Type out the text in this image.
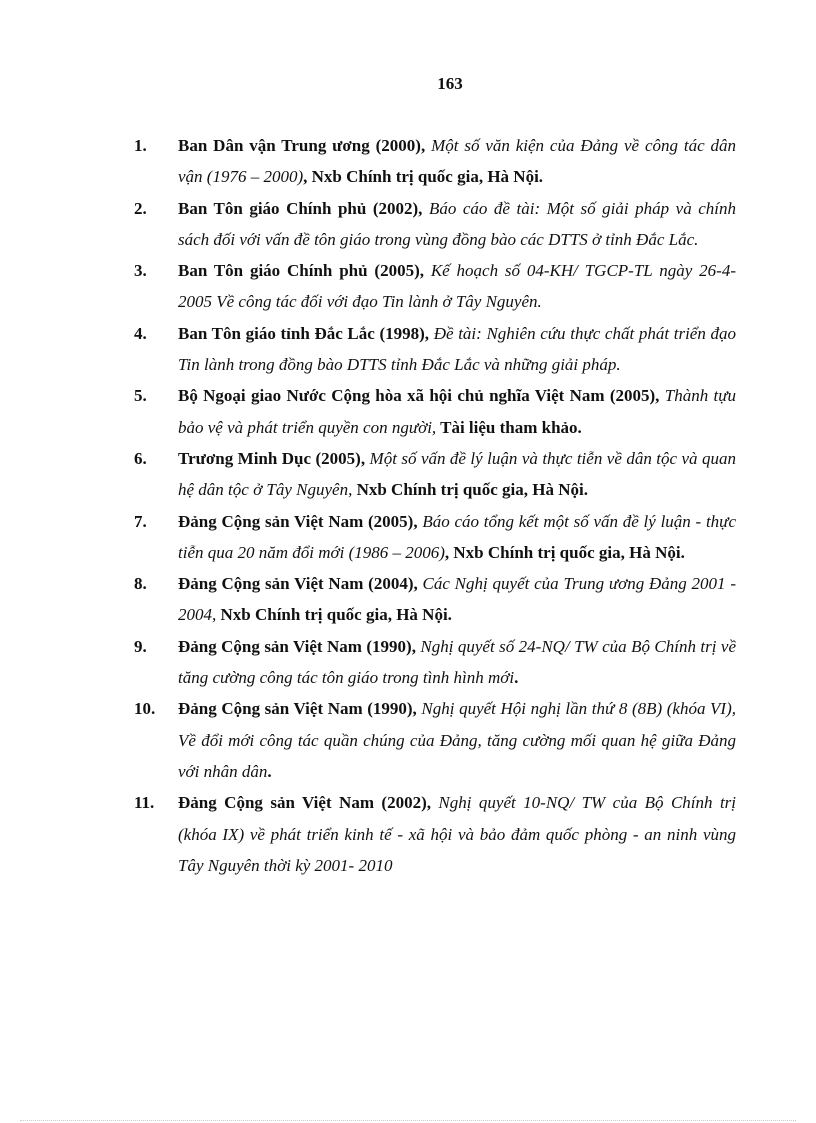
163
1. Ban Dân vận Trung ương (2000), Một số văn kiện của Đảng về công tác dân vận (1976 – 2000), Nxb Chính trị quốc gia, Hà Nội.
2. Ban Tôn giáo Chính phủ (2002), Báo cáo đề tài: Một số giải pháp và chính sách đối với vấn đề tôn giáo trong vùng đồng bào các DTTS ở tỉnh Đắc Lắc.
3. Ban Tôn giáo Chính phủ (2005), Kế hoạch số 04-KH/ TGCP-TL ngày 26-4-2005 Về công tác đối với đạo Tin lành ở Tây Nguyên.
4. Ban Tôn giáo tỉnh Đắc Lắc (1998), Đề tài: Nghiên cứu thực chất phát triển đạo Tin lành trong đồng bào DTTS tỉnh Đắc Lắc và những giải pháp.
5. Bộ Ngoại giao Nước Cộng hòa xã hội chủ nghĩa Việt Nam (2005), Thành tựu bảo vệ và phát triển quyền con người, Tài liệu tham khảo.
6. Trương Minh Dục (2005), Một số vấn đề lý luận và thực tiễn về dân tộc và quan hệ dân tộc ở Tây Nguyên, Nxb Chính trị quốc gia, Hà Nội.
7. Đảng Cộng sản Việt Nam (2005), Báo cáo tổng kết một số vấn đề lý luận - thực tiễn qua 20 năm đổi mới (1986 – 2006), Nxb Chính trị quốc gia, Hà Nội.
8. Đảng Cộng sản Việt Nam (2004), Các Nghị quyết của Trung ương Đảng 2001 - 2004, Nxb Chính trị quốc gia, Hà Nội.
9. Đảng Cộng sản Việt Nam (1990), Nghị quyết số 24-NQ/ TW của Bộ Chính trị về tăng cường công tác tôn giáo trong tình hình mới.
10. Đảng Cộng sản Việt Nam (1990), Nghị quyết Hội nghị lần thứ 8 (8B) (khóa VI), Về đổi mới công tác quần chúng của Đảng, tăng cường mối quan hệ giữa Đảng với nhân dân.
11. Đảng Cộng sản Việt Nam (2002), Nghị quyết 10-NQ/ TW của Bộ Chính trị (khóa IX) về phát triển kinh tế - xã hội và bảo đảm quốc phòng - an ninh vùng Tây Nguyên thời kỳ 2001- 2010
